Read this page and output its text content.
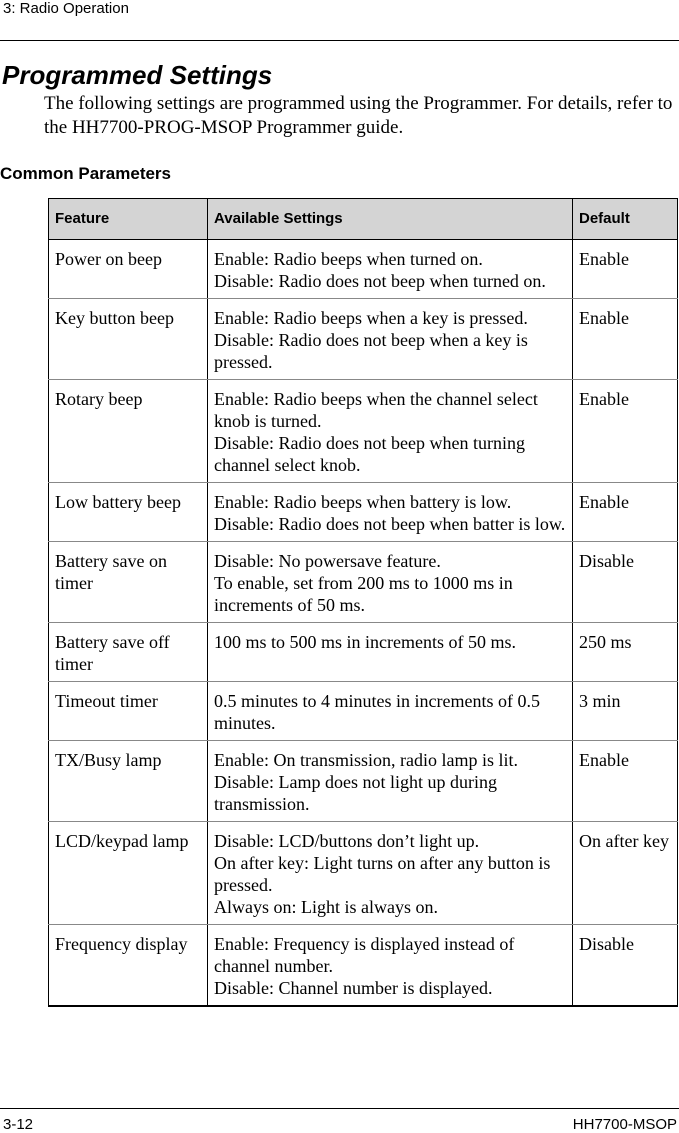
3: Radio Operation
Programmed Settings

The following settings are programmed using the Programmer. For details, refer to the HH7700-PROG-MSOP Programmer guide.

Common Parameters
Feature	Available Settings	Default
Power on beep	Enable: Radio beeps when turned on.
Disable: Radio does not beep when turned on.	Enable
Key button beep	Enable: Radio beeps when a key is pressed.
Disable: Radio does not beep when a key is pressed.	Enable
Rotary beep	Enable: Radio beeps when the channel select knob is turned.
Disable: Radio does not beep when turning channel select knob.	Enable
Low battery beep	Enable: Radio beeps when battery is low.
Disable: Radio does not beep when batter is low.	Enable
Battery save on timer	Disable: No powersave feature.
To enable, set from 200 ms to 1000 ms in increments of 50 ms.	Disable
Battery save off timer	100 ms to 500 ms in increments of 50 ms.	250 ms
Timeout timer	0.5 minutes to 4 minutes in increments of 0.5 minutes.	3 min
TX/Busy lamp	Enable: On transmission, radio lamp is lit.
Disable: Lamp does not light up during transmission.	Enable
LCD/keypad lamp	Disable: LCD/buttons don’t light up.
On after key: Light turns on after any button is pressed.
Always on: Light is always on.	On after key
Frequency display	Enable: Frequency is displayed instead of channel number.
Disable: Channel number is displayed.	Disable
3-12	HH7700-MSOP
